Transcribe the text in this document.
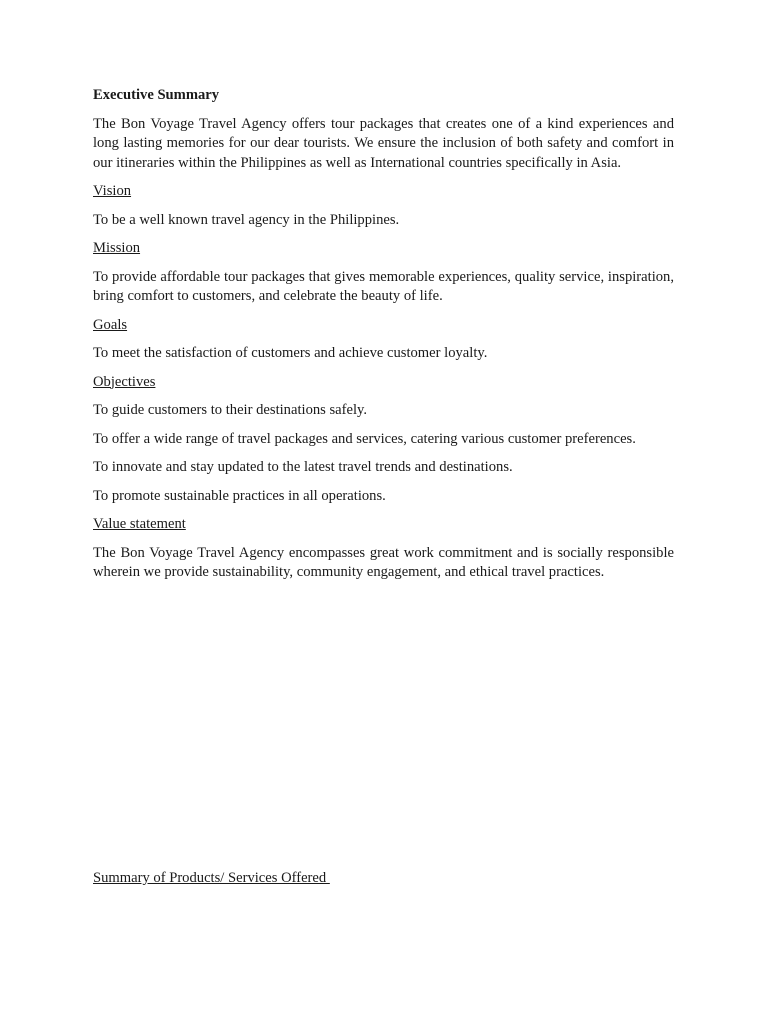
Executive Summary

The Bon Voyage Travel Agency offers tour packages that creates one of a kind experiences and long lasting memories for our dear tourists. We ensure the inclusion of both safety and comfort in our itineraries within the Philippines as well as International countries specifically in Asia.

Vision

To be a well known travel agency in the Philippines.

Mission

To provide affordable tour packages that gives memorable experiences, quality service, inspiration, bring comfort to customers, and celebrate the beauty of life.

Goals

To meet the satisfaction of customers and achieve customer loyalty.

Objectives

To guide customers to their destinations safely.

To offer a wide range of travel packages and services, catering various customer preferences.

To innovate and stay updated to the latest travel trends and destinations.

To promote sustainable practices in all operations.

Value statement

The Bon Voyage Travel Agency encompasses great work commitment and is socially responsible wherein we provide sustainability, community engagement, and ethical travel practices.

Summary of Products/ Services Offered
